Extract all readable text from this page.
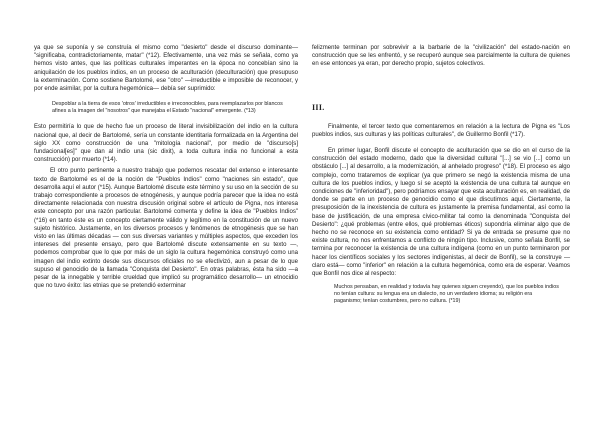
ya que se suponía y se construía el mismo como "desierto" desde el discurso dominante— "significaba, contradictoriamente, matar" (*12). Efectivamente, una vez más se señala, como ya hemos visto antes, que las políticas culturales imperantes en la época no concebían sino la aniquilación de los pueblos indios, en un proceso de aculturación (deculturación) que presupuso la exterminación. Como sostiene Bartolomé, ese "otro" —irreductible e imposible de reconocer, y por ende asimilar, por la cultura hegemónica— debía ser suprimido:

Despoblar a la tierra de esos 'otros' irreductibles e irreconocibles, para reemplazarlos por blancos afines a la imagen del "nosotros" que manejaba el Estado "nacional" emergente. (*13)

Esto permitiría lo que de hecho fue un proceso de literal invisibilización del indio en la cultura nacional que, al decir de Bartolomé, sería un constante identitaria formalizada en la Argentina del siglo XX como construcción de una "mitología nacional", por medio de "discurso[s] fundacional[es]" que dan al indio una (sic dixit), a toda cultura india no funcional a esta construcción) por muerto (*14).

El otro punto pertinente a nuestro trabajo que podemos rescatar del extenso e interesante texto de Bartolomé es el de la noción de "Pueblos Indios" como "naciones sin estado", que desarrolla aquí el autor (*15). Aunque Bartolomé discute este término y su uso en la sección de su trabajo correspondiente a procesos de etnogénesis, y aunque podría parecer que la idea no está directamente relacionada con nuestra discusión original sobre el artículo de Pigna, nos interesa este concepto por una razón particular. Bartolomé comenta y define la idea de "Pueblos Indios" (*16) en tanto éste es un concepto ciertamente válido y legítimo en la constitución de un nuevo sujeto histórico. Justamente, en los diversos procesos y fenómenos de etnogénesis que se han visto en las últimas décadas — con sus diversas variantes y múltiples aspectos, que exceden los intereses del presente ensayo, pero que Bartolomé discute extensamente en su texto —, podemos comprobar que lo que por más de un siglo la cultura hegemónica construyó como una imagen del indio extinto desde sus discursos oficiales no se efectivizó, aun a pesar de lo que supuso el genocidio de la llamada "Conquista del Desierto". En otras palabras, ésta ha sido —a pesar de la innegable y terrible crueldad que implicó su programático desarrollo— un etnocidio que no tuvo éxito: las etnias que se pretendió exterminar

felizmente terminan por sobrevivir a la barbarie de la "civilización" del estado-nación en construcción que se les enfrentó, y se recuperó aunque sea parcialmente la cultura de quienes en ese entonces ya eran, por derecho propio, sujetos colectivos.

III.

Finalmente, el tercer texto que comentaremos en relación a la lectura de Pigna es "Los pueblos indios, sus culturas y las políticas culturales", de Guillermo Bonfil (*17).

En primer lugar, Bonfil discute el concepto de aculturación que se dio en el curso de la construcción del estado moderno, dado que la diversidad cultural "[...] se vio [...] como un obstáculo [...] al desarrollo, a la modernización, al anhelado progreso" (*18). El proceso es algo complejo, como trataremos de explicar (ya que primero se negó la existencia misma de una cultura de los pueblos indios, y luego sí se aceptó la existencia de una cultura tal aunque en condiciones de "inferioridad"), pero podríamos ensayar que esta aculturación es, en realidad, de donde se parte en un proceso de genocidio como el que discutimos aquí. Ciertamente, la presuposición de la inexistencia de cultura es justamente la premisa fundamental, así como la base de justificación, de una empresa cívico-militar tal como la denominada "Conquista del Desierto": ¿qué problemas (entre ellos, qué problemas éticos) supondría eliminar algo que de hecho no se reconoce en su existencia como entidad? Si ya de entrada se presume que no existe cultura, no nos enfrentamos a conflicto de ningún tipo. Inclusive, como señala Bonfil, se termina por reconocer la existencia de una cultura indígena (como en un punto terminaron por hacer los científicos sociales y los sectores indigenistas, al decir de Bonfil), se la construye —claro está— como "inferior" en relación a la cultura hegemónica, como era de esperar. Veamos que Bonfil nos dice al respecto:

Muchos pensaban, en realidad y todavía hay quienes siguen creyendo), que los pueblos indios no tenían cultura: su lengua era un dialecto, no un verdadero idioma; su religión era paganismo; tenían costumbres, pero no cultura. (*19)
